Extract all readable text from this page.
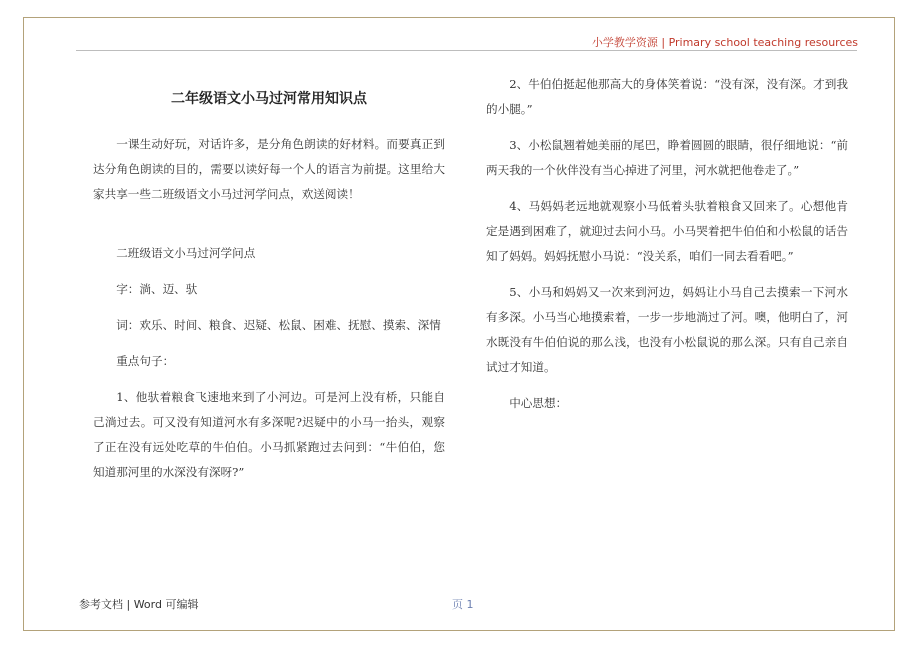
小学教学资源 | Primary school teaching resources
二年级语文小马过河常用知识点

一课生动好玩，对话许多，是分角色朗读的好材料。而要真正到达分角色朗读的目的，需要以读好每一个人的语言为前提。这里给大家共享一些二班级语文小马过河学问点，欢送阅读！

二班级语文小马过河学问点

字：淌、迈、驮

词：欢乐、时间、粮食、迟疑、松鼠、困难、抚慰、摸索、深情

重点句子：

1、他驮着粮食飞速地来到了小河边。可是河上没有桥，只能自己淌过去。可又没有知道河水有多深呢?迟疑中的小马一抬头，观察了正在没有远处吃草的牛伯伯。小马抓紧跑过去问到：“牛伯伯，您知道那河里的水深没有深呀?”

2、牛伯伯挺起他那高大的身体笑着说：“没有深，没有深。才到我的小腿。”

3、小松鼠翘着她美丽的尾巴，睁着圆圆的眼睛，很仔细地说：“前两天我的一个伙伴没有当心掉进了河里，河水就把他卷走了。”

4、马妈妈老远地就观察小马低着头驮着粮食又回来了。心想他肯定是遇到困难了，就迎过去问小马。小马哭着把牛伯伯和小松鼠的话告知了妈妈。妈妈抚慰小马说：“没关系，咱们一同去看看吧。”

5、小马和妈妈又一次来到河边，妈妈让小马自己去摸索一下河水有多深。小马当心地摸索着，一步一步地淌过了河。噢，他明白了，河水既没有牛伯伯说的那么浅，也没有小松鼠说的那么深。只有自己亲自试过才知道。

中心思想：

参考文档 | Word 可编辑	页 1
